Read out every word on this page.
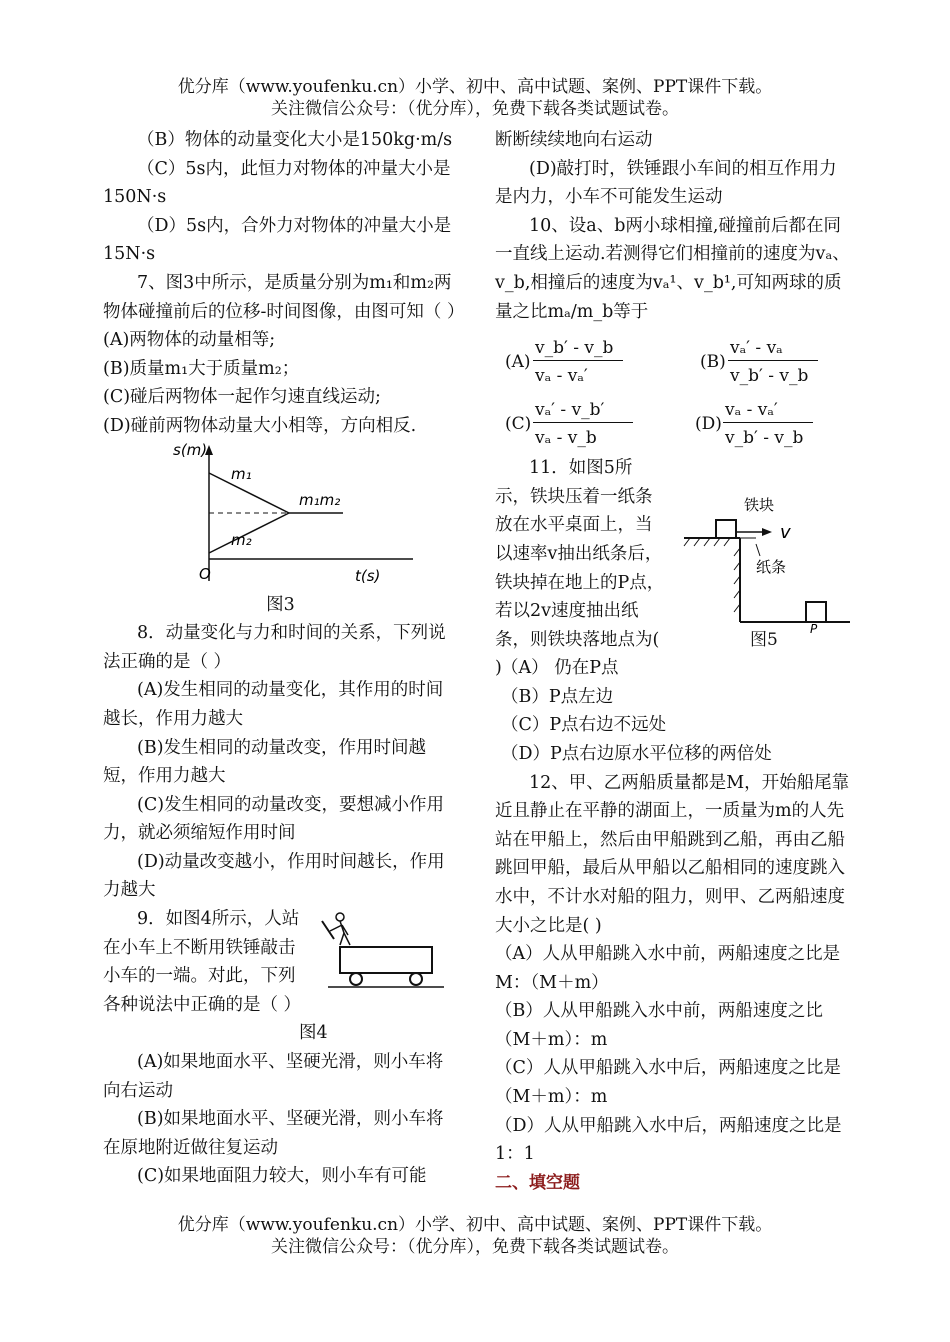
优分库（www.youfenku.cn）小学、初中、高中试题、案例、PPT课件下载。
关注微信公众号：（优分库），免费下载各类试题试卷。

（B）物体的动量变化大小是150kg·m/s

（C）5s内，此恒力对物体的冲量大小是150N·s

（D）5s内，合外力对物体的冲量大小是15N·s

7、图3中所示，是质量分别为m₁和m₂两物体碰撞前后的位移-时间图像，由图可知（ ）

(A)两物体的动量相等;

(B)质量m₁大于质量m₂；

(C)碰后两物体一起作匀速直线运动;

(D)碰前两物体动量大小相等，方向相反.

s(m)
t(s)
O
m₁
m₂
m₁m₂

图3

8．动量变化与力和时间的关系，下列说法正确的是（ ）

(A)发生相同的动量变化，其作用的时间越长，作用力越大

(B)发生相同的动量改变，作用时间越短，作用力越大

(C)发生相同的动量改变，要想减小作用力，就必须缩短作用时间

(D)动量改变越小，作用时间越长，作用力越大

9．如图4所示，人站在小车上不断用铁锤敲击小车的一端。对此，下列各种说法中正确的是（ ）

图4

(A)如果地面水平、坚硬光滑，则小车将向右运动

(B)如果地面水平、坚硬光滑，则小车将在原地附近做往复运动

(C)如果地面阻力较大，则小车有可能

断断续续地向右运动

(D)敲打时，铁锤跟小车间的相互作用力是内力，小车不可能发生运动

10、设a、b两小球相撞,碰撞前后都在同一直线上运动.若测得它们相撞前的速度为vₐ、v_b,相撞后的速度为vₐ¹、v_b¹,可知两球的质量之比mₐ/m_b等于

(A)
v_b′ - v_b
vₐ - vₐ′
(B)
vₐ′ - vₐ
v_b′ - v_b
(C)
vₐ′ - v_b′
vₐ - v_b
(D)
vₐ - vₐ′
v_b′ - v_b

11．如图5所示，铁块压着一纸条放在水平桌面上，当以速率v抽出纸条后，铁块掉在地上的P点，若以2v速度抽出纸条，则铁块落地点为( )

铁块
v
纸条
P

图5

（A） 仍在P点

（B）P点左边

（C）P点右边不远处

（D）P点右边原水平位移的两倍处

12、甲、乙两船质量都是M，开始船尾靠近且静止在平静的湖面上，一质量为m的人先站在甲船上，然后由甲船跳到乙船，再由乙船跳回甲船，最后从甲船以乙船相同的速度跳入水中，不计水对船的阻力，则甲、乙两船速度大小之比是( )

（A）人从甲船跳入水中前，两船速度之比是M：（M＋m）

（B）人从甲船跳入水中前，两船速度之比（M＋m）：m

（C）人从甲船跳入水中后，两船速度之比是（M＋m）：m

（D）人从甲船跳入水中后，两船速度之比是1：1

二、填空题

优分库（www.youfenku.cn）小学、初中、高中试题、案例、PPT课件下载。
关注微信公众号：（优分库），免费下载各类试题试卷。
